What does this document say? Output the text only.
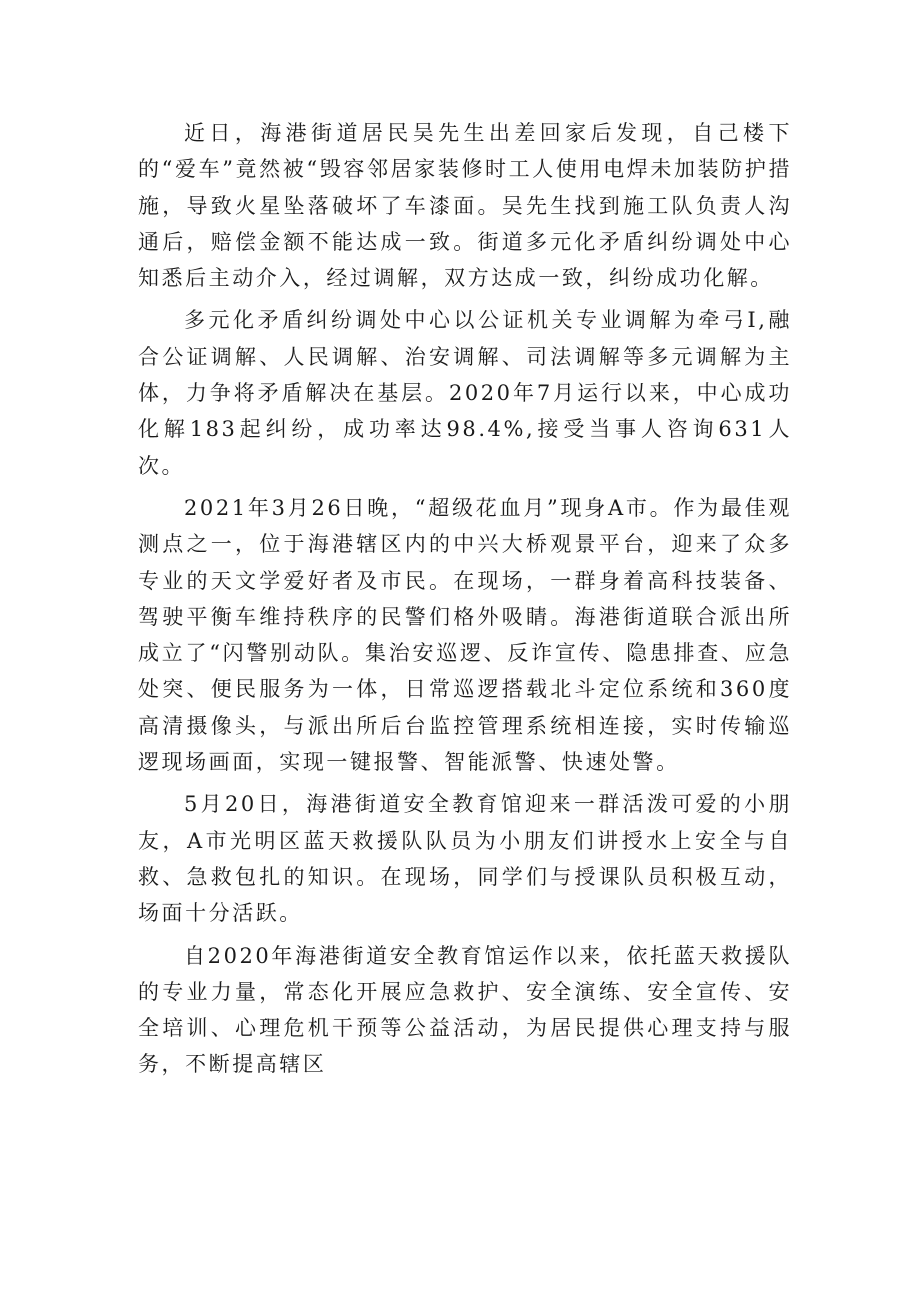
近日，海港街道居民吴先生出差回家后发现，自己楼下的“爱车”竟然被“毁容邻居家装修时工人使用电焊未加装防护措施，导致火星坠落破坏了车漆面。吴先生找到施工队负责人沟通后，赔偿金额不能达成一致。街道多元化矛盾纠纷调处中心知悉后主动介入，经过调解，双方达成一致，纠纷成功化解。

多元化矛盾纠纷调处中心以公证机关专业调解为牵弓I,融合公证调解、人民调解、治安调解、司法调解等多元调解为主体，力争将矛盾解决在基层。2020年7月运行以来，中心成功化解183起纠纷，成功率达98.4%,接受当事人咨询631人次。

2021年3月26日晚，“超级花血月”现身A市。作为最佳观测点之一，位于海港辖区内的中兴大桥观景平台，迎来了众多专业的天文学爱好者及市民。在现场，一群身着高科技装备、驾驶平衡车维持秩序的民警们格外吸睛。海港街道联合派出所成立了“闪警别动队。集治安巡逻、反诈宣传、隐患排查、应急处突、便民服务为一体，日常巡逻搭载北斗定位系统和360度高清摄像头，与派出所后台监控管理系统相连接，实时传输巡逻现场画面，实现一键报警、智能派警、快速处警。

5月20日，海港街道安全教育馆迎来一群活泼可爱的小朋友，A市光明区蓝天救援队队员为小朋友们讲授水上安全与自救、急救包扎的知识。在现场，同学们与授课队员积极互动，场面十分活跃。

自2020年海港街道安全教育馆运作以来，依托蓝天救援队的专业力量，常态化开展应急救护、安全演练、安全宣传、安全培训、心理危机干预等公益活动，为居民提供心理支持与服务，不断提高辖区
